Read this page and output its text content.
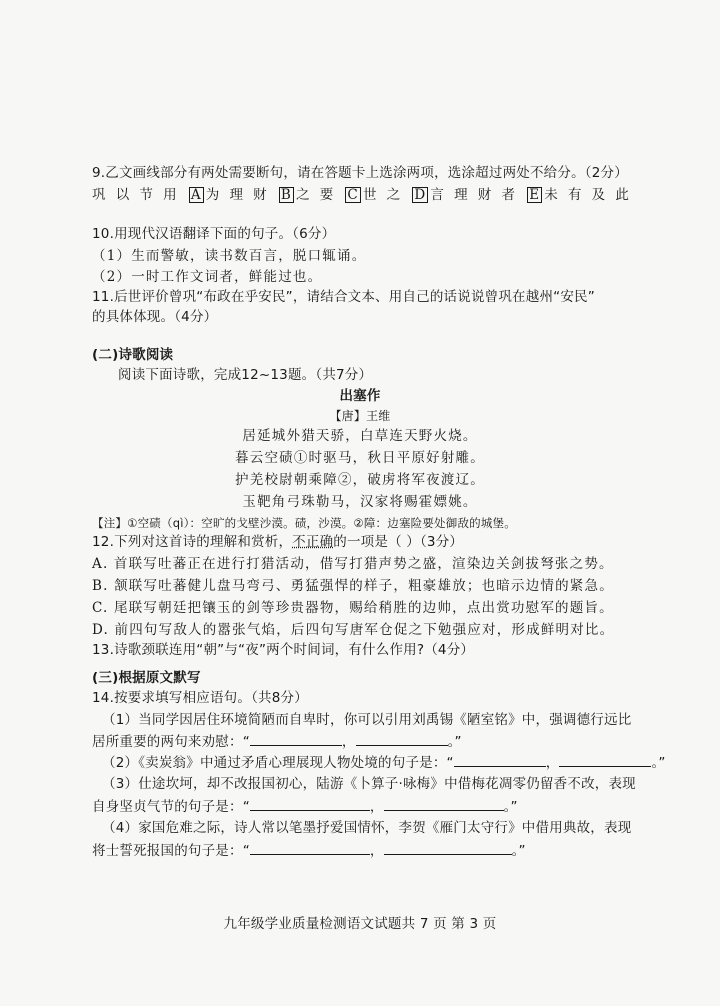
9.乙文画线部分有两处需要断句，请在答题卡上选涂两项，选涂超过两处不给分。（2分）
巩 以 节 用 A 为 理 财 B 之 要 C 世 之 D 言 理 财 者 E 未 有 及 此
10.用现代汉语翻译下面的句子。（6分）
（1）生而警敏，读书数百言，脱口辄诵。
（2）一时工作文词者，鲜能过也。
11.后世评价曾巩“布政在乎安民”，请结合文本、用自己的话说说曾巩在越州“安民”
的具体体现。（4分）
(二)诗歌阅读
阅读下面诗歌，完成12~13题。（共7分）
出塞作
【唐】王维
居延城外猎天骄，白草连天野火烧。
暮云空碛①时驱马，秋日平原好射雕。
护羌校尉朝乘障②，破虏将军夜渡辽。
玉靶角弓珠勒马，汉家将赐霍嫖姚。
【注】①空碛（qì）：空旷的戈壁沙漠。碛，沙漠。②障：边塞险要处御敌的城堡。
12.下列对这首诗的理解和赏析，不正确的一项是（ ）（3分）
A. 首联写吐蕃正在进行打猎活动，借写打猎声势之盛，渲染边关剑拔弩张之势。
B. 颔联写吐蕃健儿盘马弯弓、勇猛强悍的样子，粗豪雄放；也暗示边情的紧急。
C. 尾联写朝廷把镶玉的剑等珍贵器物，赐给稍胜的边帅，点出赏功慰军的题旨。
D. 前四句写敌人的嚣张气焰，后四句写唐军仓促之下勉强应对，形成鲜明对比。
13.诗歌颈联连用“朝”与“夜”两个时间词，有什么作用?（4分）
(三)根据原文默写
14.按要求填写相应语句。（共8分）
（1）当同学因居住环境简陋而自卑时，你可以引用刘禹锡《陋室铭》中，强调德行远比
居所重要的两句来劝慰：“	，	。”
（2）《卖炭翁》中通过矛盾心理展现人物处境的句子是：“	，	。”
（3）仕途坎坷，却不改报国初心，陆游《卜算子·咏梅》中借梅花凋零仍留香不改，表现
自身坚贞气节的句子是：“	，	。”
（4）家国危难之际，诗人常以笔墨抒爱国情怀，李贺《雁门太守行》中借用典故，表现
将士誓死报国的句子是：“	，	。”
九年级学业质量检测语文试题共 7 页 第 3 页
